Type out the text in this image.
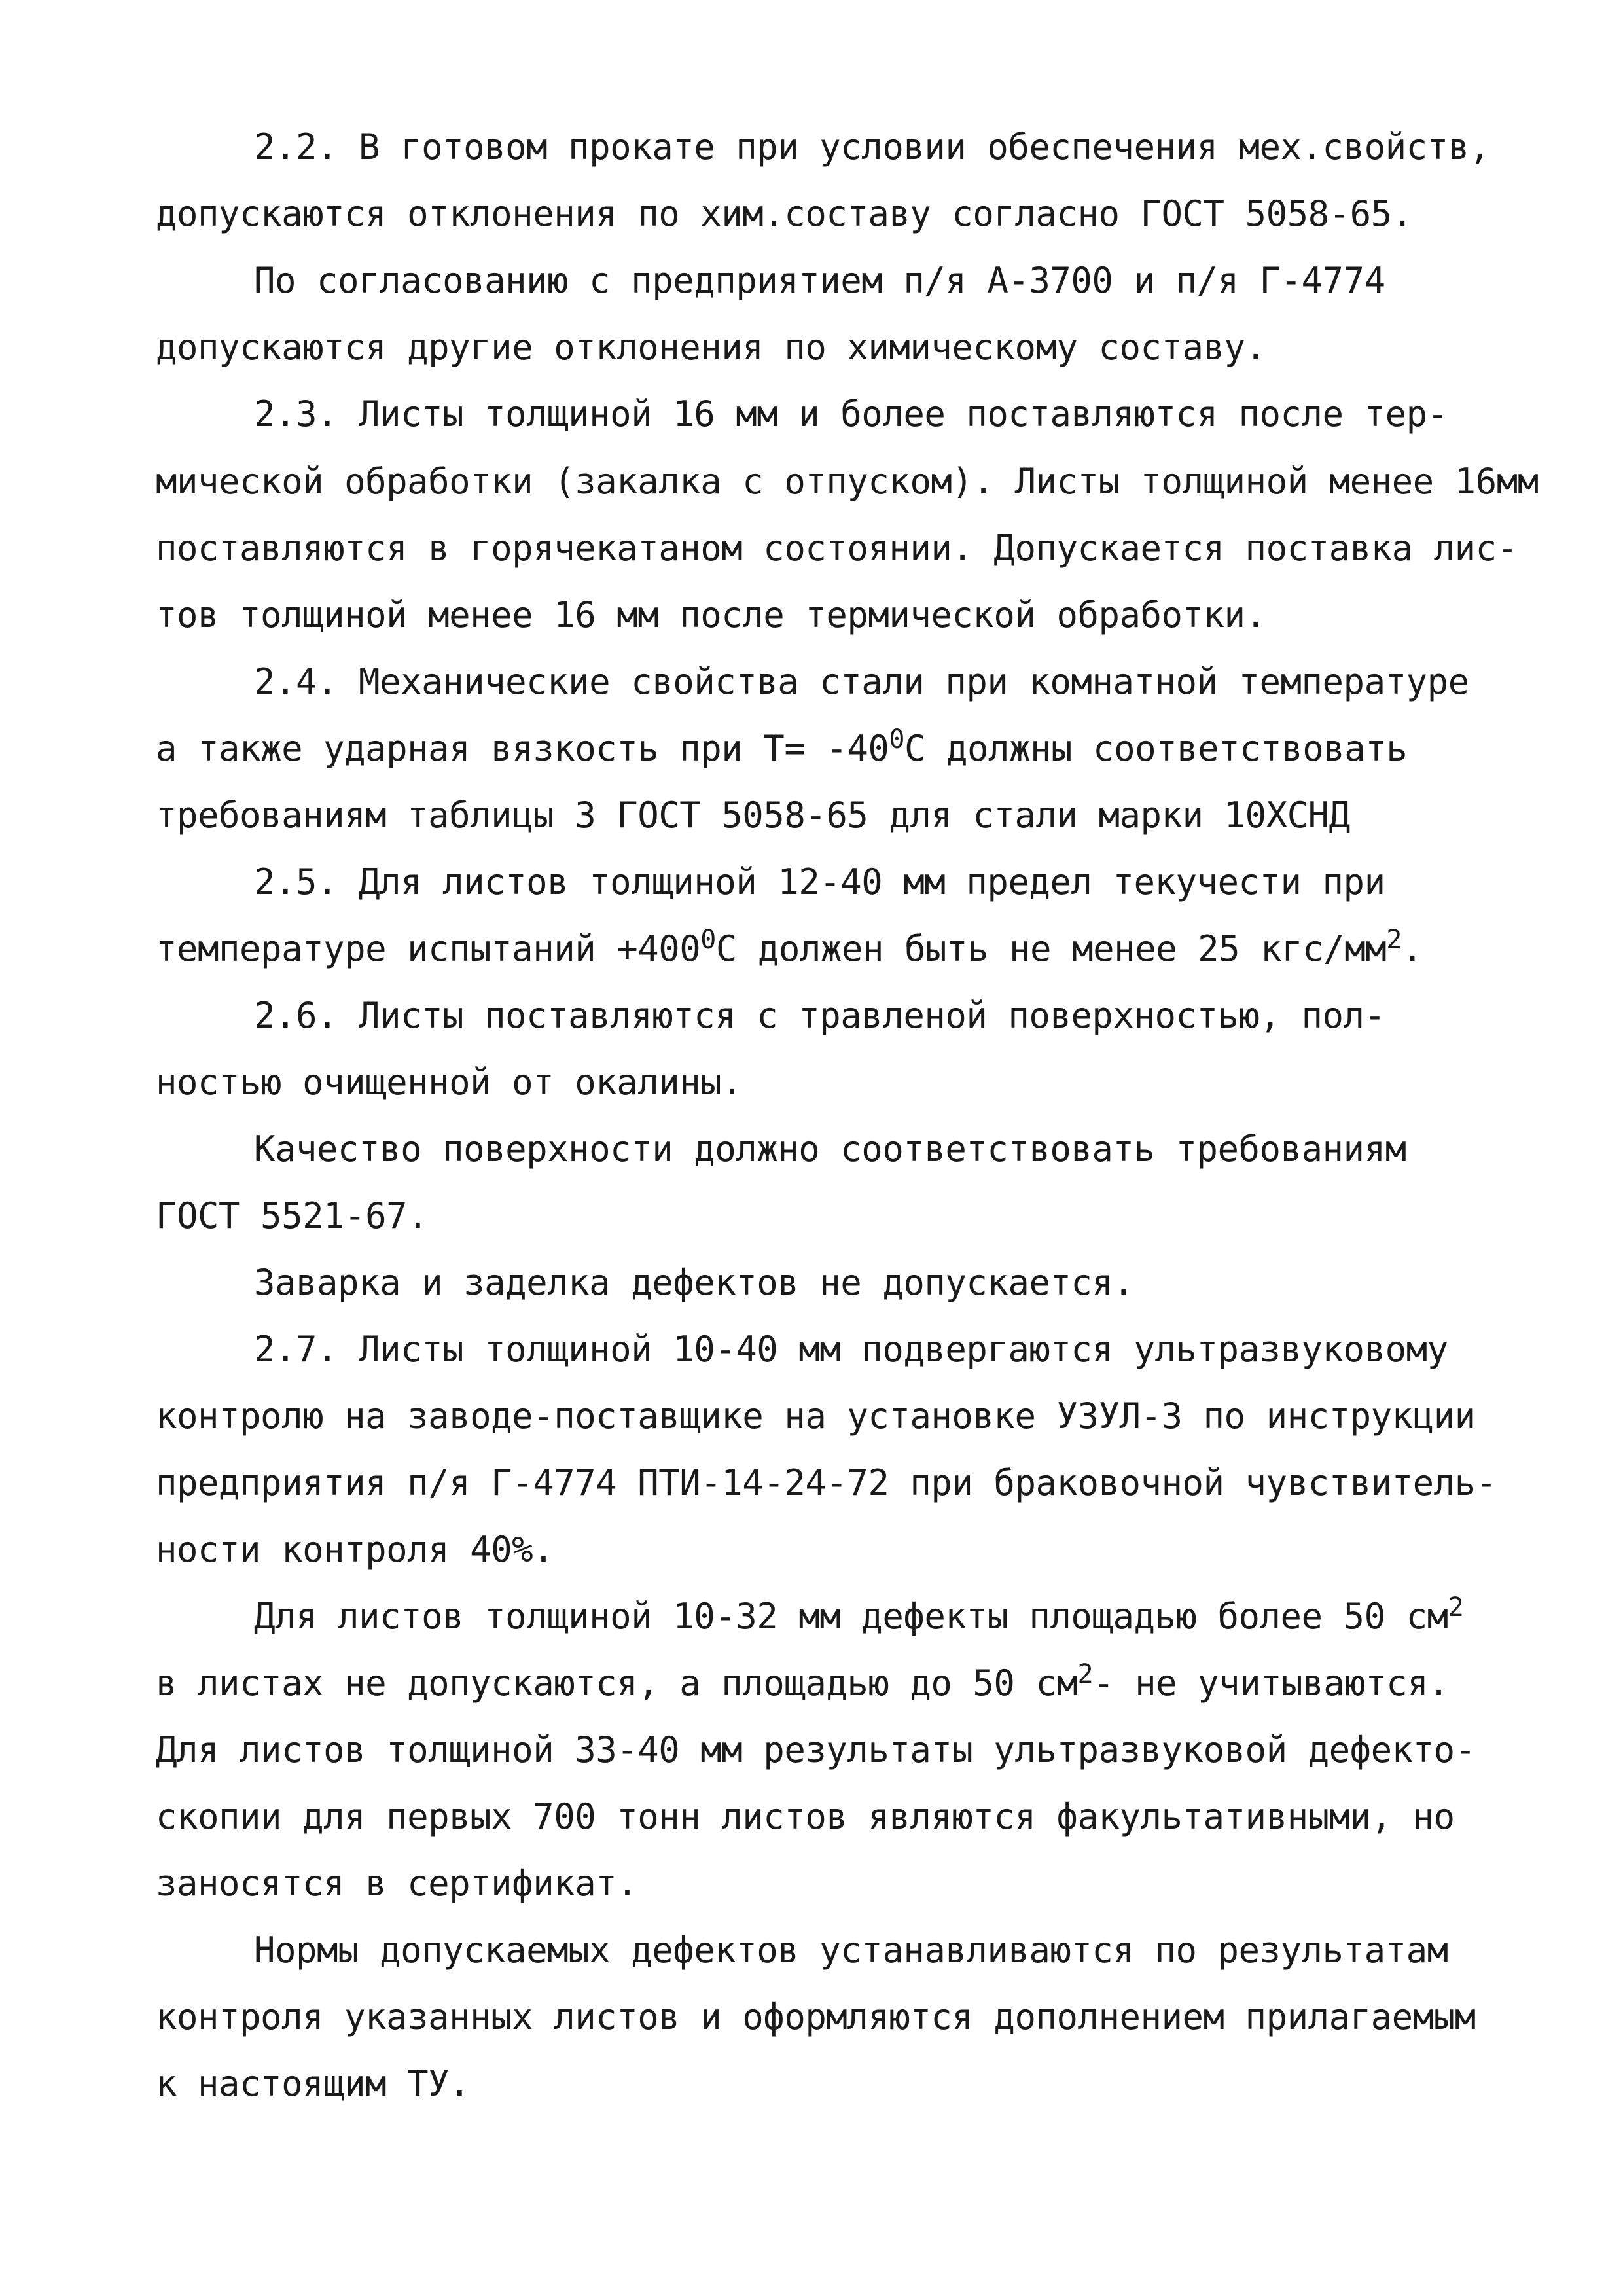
2.2. В готовом прокате при условии обеспечения мех.свойств,

допускаются отклонения по хим.составу согласно ГОСТ 5058-65.

По согласованию с предприятием п/я А-3700 и п/я Г-4774

допускаются другие отклонения по химическому составу.

2.3. Листы толщиной 16 мм и более поставляются после тер-

мической обработки (закалка с отпуском). Листы толщиной менее 16мм

поставляются в горячекатаном состоянии. Допускается поставка лис-

тов толщиной менее 16 мм после термической обработки.

2.4. Механические свойства стали при комнатной температуре

а также ударная вязкость при $Т= -40^0С$ должны соответствовать

требованиям таблицы 3 ГОСТ 5058-65 для стали марки 10ХСНД

2.5. Для листов толщиной 12-40 мм предел текучести при

температуре испытаний $+400^0С$ должен быть не менее 25 кгс/$мм^2$.

2.6. Листы поставляются с травленой поверхностью, пол-

ностью очищенной от окалины.

Качество поверхности должно соответствовать требованиям

ГОСТ 5521-67.

Заварка и заделка дефектов не допускается.

2.7. Листы толщиной 10-40 мм подвергаются ультразвуковому

контролю на заводе-поставщике на установке УЗУЛ-3 по инструкции

предприятия п/я Г-4774 ПТИ-14-24-72 при браковочной чувствитель-

ности контроля 40%.

Для листов толщиной 10-32 мм дефекты площадью более 50 $см^2$

в листах не допускаются, а площадью до 50 $см^2-$ не учитываются.

Для листов толщиной 33-40 мм результаты ультразвуковой дефекто-

скопии для первых 700 тонн листов являются факультативными, но

заносятся в сертификат.

Нормы допускаемых дефектов устанавливаются по результатам

контроля указанных листов и оформляются дополнением прилагаемым

к настоящим ТУ.
